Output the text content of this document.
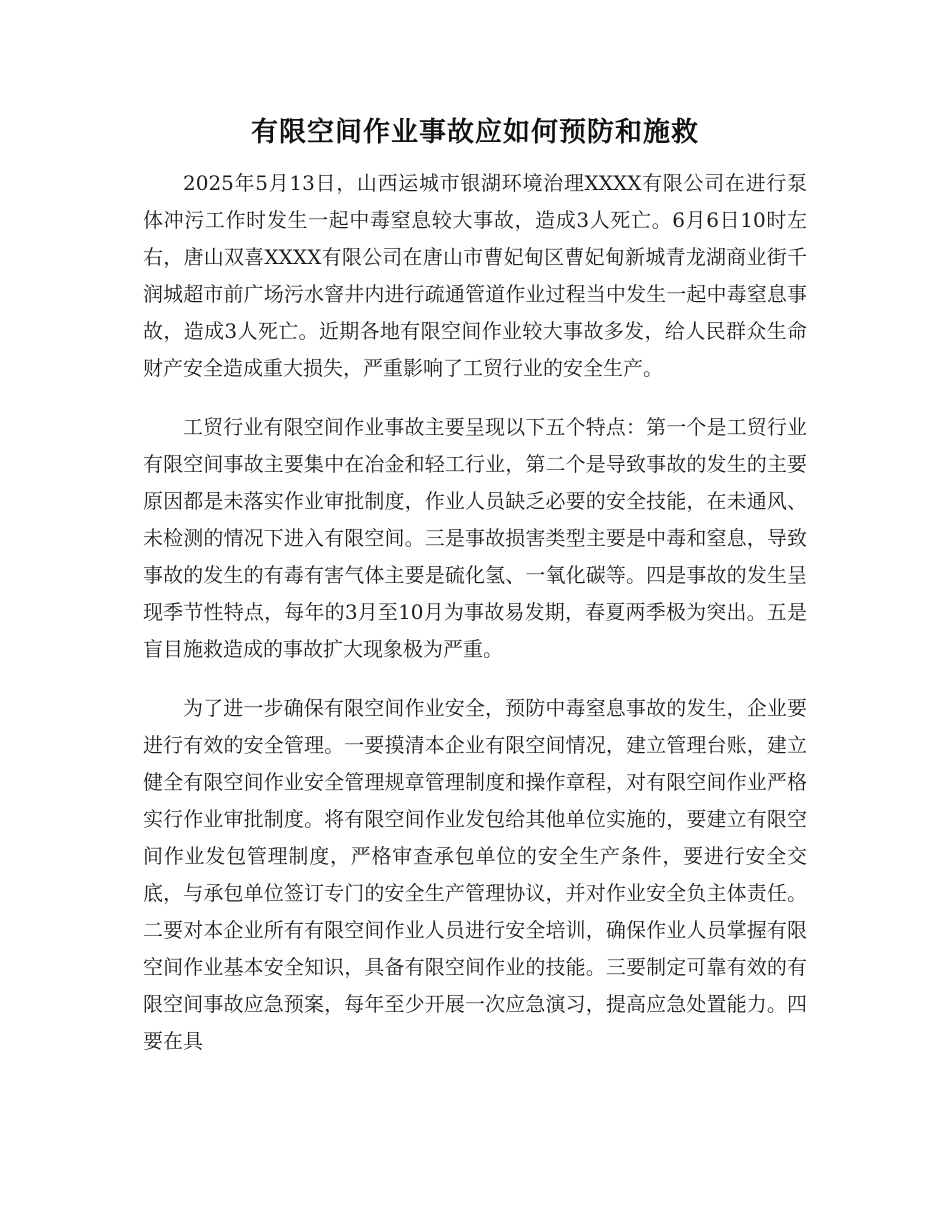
有限空间作业事故应如何预防和施救

2025年5月13日，山西运城市银湖环境治理XXXX有限公司在进行泵体冲污工作时发生一起中毒窒息较大事故，造成3人死亡。6月6日10时左右，唐山双喜XXXX有限公司在唐山市曹妃甸区曹妃甸新城青龙湖商业街千润城超市前广场污水窨井内进行疏通管道作业过程当中发生一起中毒窒息事故，造成3人死亡。近期各地有限空间作业较大事故多发，给人民群众生命财产安全造成重大损失，严重影响了工贸行业的安全生产。

工贸行业有限空间作业事故主要呈现以下五个特点：第一个是工贸行业有限空间事故主要集中在冶金和轻工行业，第二个是导致事故的发生的主要原因都是未落实作业审批制度，作业人员缺乏必要的安全技能，在未通风、未检测的情况下进入有限空间。三是事故损害类型主要是中毒和窒息，导致事故的发生的有毒有害气体主要是硫化氢、一氧化碳等。四是事故的发生呈现季节性特点，每年的3月至10月为事故易发期，春夏两季极为突出。五是盲目施救造成的事故扩大现象极为严重。

为了进一步确保有限空间作业安全，预防中毒窒息事故的发生，企业要进行有效的安全管理。一要摸清本企业有限空间情况，建立管理台账，建立健全有限空间作业安全管理规章管理制度和操作章程，对有限空间作业严格实行作业审批制度。将有限空间作业发包给其他单位实施的，要建立有限空间作业发包管理制度，严格审查承包单位的安全生产条件，要进行安全交底，与承包单位签订专门的安全生产管理协议，并对作业安全负主体责任。二要对本企业所有有限空间作业人员进行安全培训，确保作业人员掌握有限空间作业基本安全知识，具备有限空间作业的技能。三要制定可靠有效的有限空间事故应急预案，每年至少开展一次应急演习，提高应急处置能力。四要在具
